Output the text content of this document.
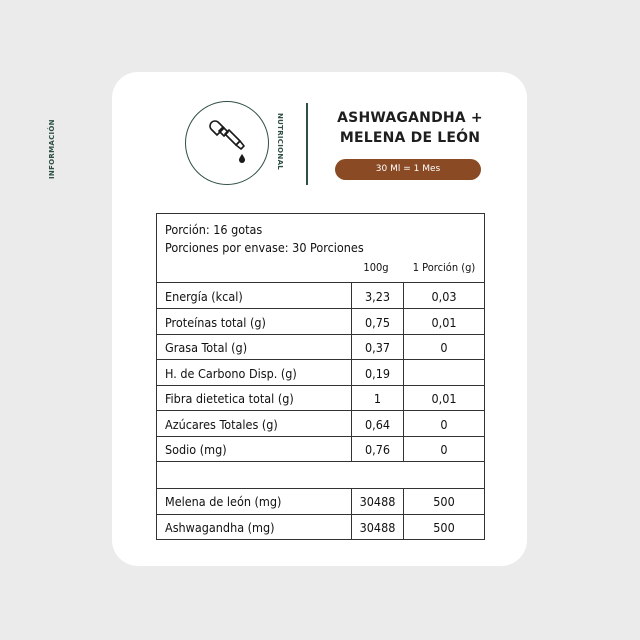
INFORMACIÓN	NUTRICIONAL	ASHWAGANDHA +
MELENA DE LEÓN
30 Ml = 1 Mes
Porción: 16 gotas
Porciones por envase: 30 Porciones
100g	1 Porción (g)
Energía (kcal)	3,23	0,03
Proteínas total (g)	0,75	0,01
Grasa Total (g)	0,37	0
H. de Carbono Disp. (g)	0,19
Fibra dietetica total (g)	1	0,01
Azúcares Totales (g)	0,64	0
Sodio (mg)	0,76	0
Melena de león (mg)	30488	500
Ashwagandha (mg)	30488	500
